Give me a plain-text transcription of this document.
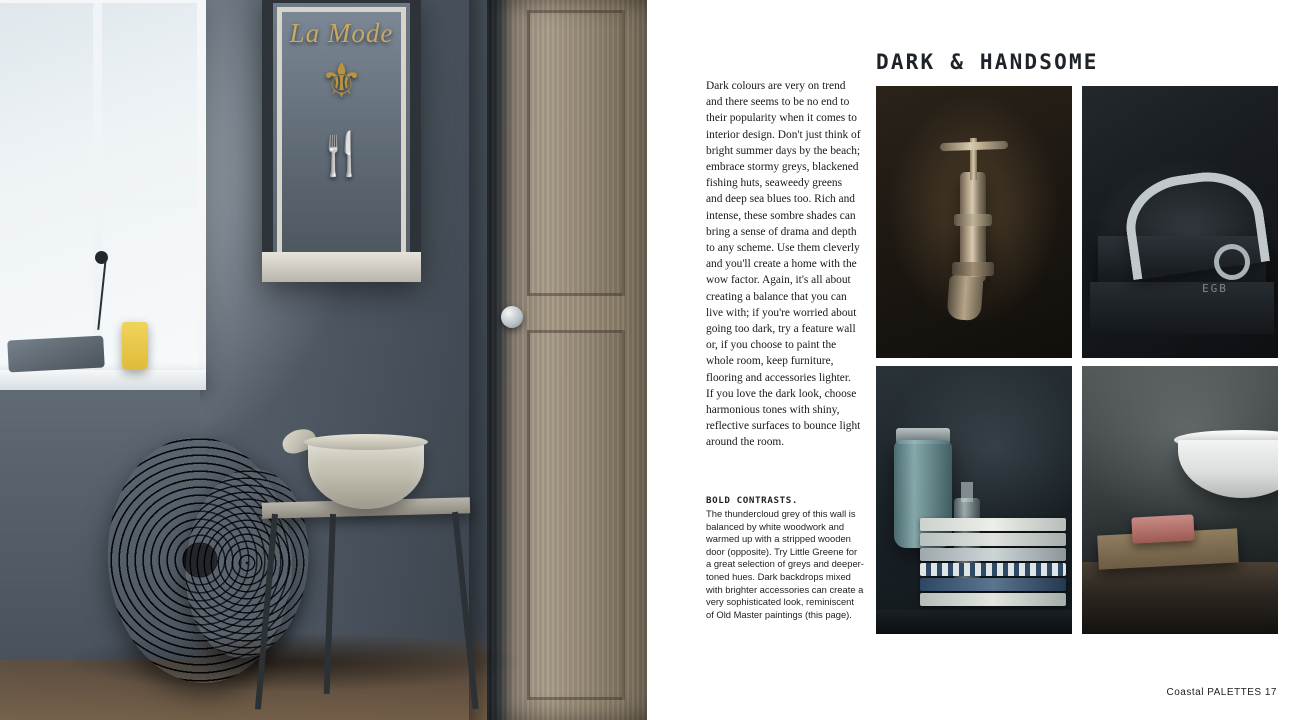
La Mode
⚜
🍴
DARK & HANDSOME
Dark colours are very on trend and there seems to be no end to their popularity when it comes to interior design. Don't just think of bright summer days by the beach; embrace stormy greys, blackened fishing huts, seaweedy greens and deep sea blues too. Rich and intense, these sombre shades can bring a sense of drama and depth to any scheme. Use them cleverly and you'll create a home with the wow factor. Again, it's all about creating a balance that you can live with; if you're worried about going too dark, try a feature wall or, if you choose to paint the whole room, keep furniture, flooring and accessories lighter. If you love the dark look, choose harmonious tones with shiny, reflective surfaces to bounce light around the room.
BOLD CONTRASTS.
The thundercloud grey of this wall is balanced by white woodwork and warmed up with a stripped wooden door (opposite). Try Little Greene for a great selection of greys and deeper-toned hues. Dark backdrops mixed with brighter accessories can create a very sophisticated look, reminiscent of Old Master paintings (this page).
EGB
Coastal PALETTES 17
